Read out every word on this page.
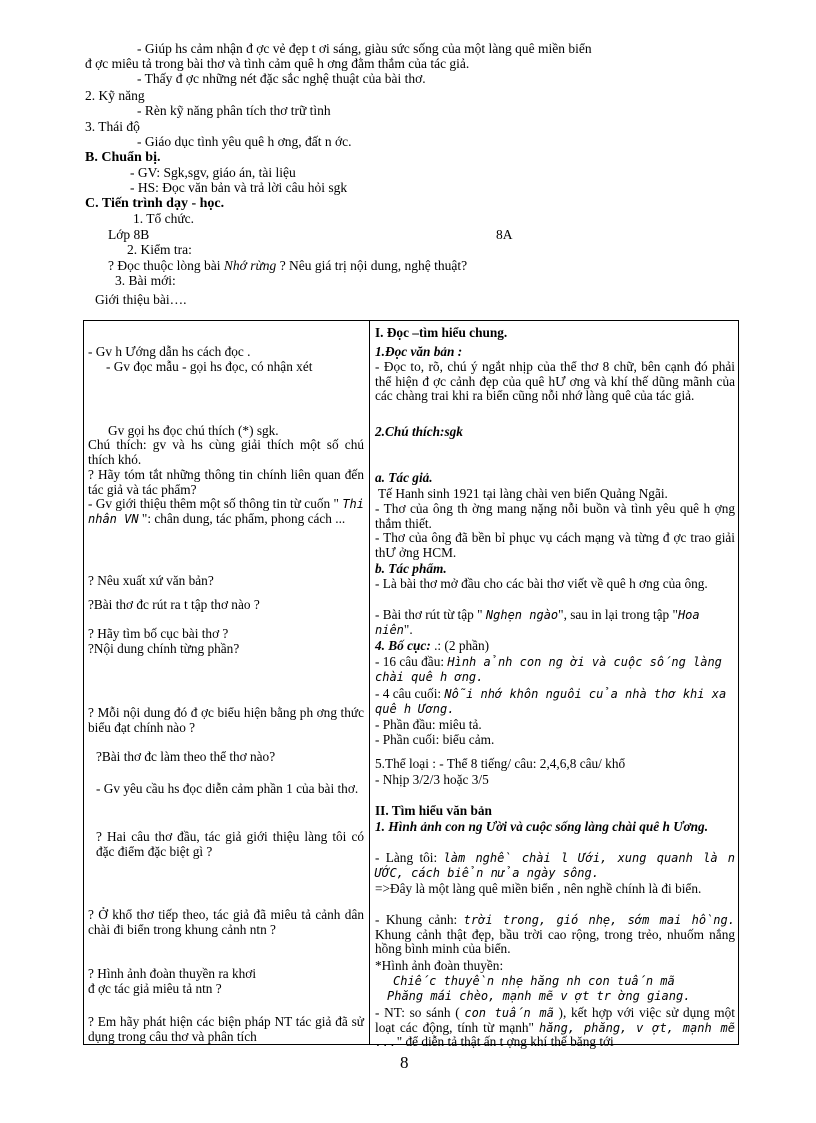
- Giúp hs cảm nhận đ ợc vẻ đẹp t ơi sáng, giàu sức sống của một làng quê miền biển
đ ợc miêu tả trong bài thơ và tình cảm quê h ơng đằm thắm của tác giả.
- Thấy đ ợc những nét đặc sắc nghệ thuật của bài thơ.
2. Kỹ năng
- Rèn kỹ năng phân tích thơ trữ tình
3. Thái độ
- Giáo dục tình yêu quê h ơng, đất n ớc.
B. Chuẩn bị.
- GV: Sgk,sgv, giáo án, tài liệu
- HS: Đọc văn bản và trả lời câu hỏi sgk
C. Tiến trình dạy - học.
1. Tổ chức.
Lớp 8B	8A
2. Kiểm tra:
? Đọc thuộc lòng bài Nhớ rừng ? Nêu giá trị nội dung, nghệ thuật?
3. Bài mới:
Giới thiệu bài….
- Gv h Ướng dẫn hs cách đọc .
- Gv đọc mẫu - gọi hs đọc, có nhận xét
Gv gọi hs đọc chú thích (*) sgk.
Chú thích: gv và hs cùng giải thích một số chú thích khó.
? Hãy tóm tắt những thông tin chính liên quan đến tác giả và tác phẩm?
- Gv giới thiệu thêm một số thông tin từ cuốn " Thi nhân VN ": chân dung, tác phẩm, phong cách ...
? Nêu xuất xứ văn bản?
?Bài thơ đc rút ra t tập thơ nào ?
? Hãy tìm bố cục bài thơ ?
?Nội dung chính từng phần?
? Mỗi nội dung đó đ ợc biểu hiện bằng ph ơng thức biểu đạt chính nào ?
?Bài thơ đc làm theo thể thơ nào?
- Gv yêu cầu hs đọc diễn cảm phần 1 của bài thơ.
? Hai câu thơ đầu, tác giả giới thiệu làng tôi có đặc điểm đặc biệt gì ?
? Ở khổ thơ tiếp theo, tác giả đã miêu tả cảnh dân chài đi biển trong khung cảnh ntn ?
? Hình ảnh đoàn thuyền ra khơi
đ ợc tác giả miêu tả ntn ?
? Em hãy phát hiện các biện pháp NT tác giả đã sử dụng trong câu thơ và phân tích
I. Đọc –tìm hiểu chung.
1.Đọc văn bản :
- Đọc to, rõ, chú ý ngắt nhịp của thể thơ 8 chữ, bên cạnh đó phải thể hiện đ ợc cảnh đẹp của quê hƯ ơng và khí thế dũng mãnh của các chàng trai khi ra biển cũng nỗi nhớ làng quê của tác giả.
2.Chú thích:sgk
a. Tác giả.
Tế Hanh sinh 1921 tại làng chài ven biển Quảng Ngãi.
- Thơ của ông th ờng mang nặng nỗi buồn và tình yêu quê h ợng thắm thiết.
- Thơ của ông đã bền bỉ phục vụ cách mạng và từng đ ợc trao giải thƯ ởng HCM.
b. Tác phẩm.
- Là bài thơ mở đầu cho các bài thơ viết về quê h ơng của ông.
- Bài thơ rút từ tập " Nghẹn ngào", sau in lại trong tập "Hoa niên".
4. Bố cục: .: (2 phần)
- 16 câu đầu: Hình ảnh con ng ời và cuộc sống làng chài quê h ơng.
- 4 câu cuối: Nỗi nhớ khôn nguôi của nhà thơ khi xa quê h Ương.
- Phần đầu: miêu tả.
- Phần cuối: biểu cảm.
5.Thể loại : - Thể 8 tiếng/ câu: 2,4,6,8 câu/ khổ
- Nhịp 3/2/3 hoặc 3/5
II. Tìm hiểu văn bản
1. Hình ảnh con ng Ười và cuộc sống làng chài quê h Ương.
- Làng tôi: làm nghề chài l Ưới, xung quanh là n ƯỚC, cách biển nửa ngày sông.
=>Đây là một làng quê miền biển , nên nghề chính là đi biển.
- Khung cảnh: trời trong, gió nhẹ, sớm mai hồng. Khung cảnh thật đẹp, bầu trời cao rộng, trong trẻo, nhuốm nắng hồng bình minh của biển.
*Hình ảnh đoàn thuyền:
Chiếc thuyền nhẹ hăng nh con tuấn mã
Phăng mái chèo, mạnh mẽ v ợt tr ờng giang.
- NT: so sánh ( con tuấn mã ), kết hợp với việc sử dụng một loạt các động, tính từ mạnh" hăng, phăng, v ợt, mạnh mẽ ..." để diễn tả thật ấn t ợng khí thế băng tới
8
